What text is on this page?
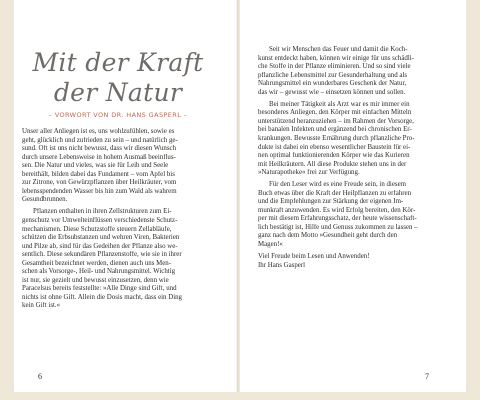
Mit der Kraft
der Natur
– VORWORT VON DR. HANS GASPERL –

Unser aller Anliegen ist es, uns wohlzufühlen, sowie es

geht, glücklich und zufrieden zu sein – und natürlich ge-

sund. Oft ist uns nicht bewusst, dass wir diesen Wunsch

durch unsere Lebensweise in hohem Ausmaß beeinflus-

sen. Die Natur und vieles, was sie für Leib und Seele

bereithält, bilden dabei das Fundament – vom Apfel bis

zur Zitrone, von Gewürzpflanzen über Heilkräuter, vom

lebensspendenden Wasser bis hin zum Wald als wahrem

Gesundbrunnen.

Pflanzen enthalten in ihren Zellstrukturen zum Ei-

genschutz vor Umwelteinflüssen verschiedenste Schutz-

mechanismen. Diese Schutzstoffe steuern Zellabläufe,

schützen die Erbsubstanzen und wehren Viren, Bakterien

und Pilze ab, sind für das Gedeihen der Pflanze also we-

sentlich. Diese sekundären Pflanzenstoffe, wie sie in ihrer

Gesamtheit bezeichnet werden, dienen auch uns Men-

schen als Vorsorge-, Heil- und Nahrungsmittel. Wichtig

ist nur, sie gezielt und bewusst einzusetzen, denn wie

Paracelsus bereits feststellte: »Alle Dinge sind Gift, und

nichts ist ohne Gift. Allein die Dosis macht, dass ein Ding

kein Gift ist.«

Seit wir Menschen das Feuer und damit die Koch-

kunst entdeckt haben, können wir einige für uns schädli-

che Stoffe in der Pflanze eliminieren. Und so sind viele

pflanzliche Lebensmittel zur Gesunderhaltung und als

Nahrungsmittel ein wunderbares Geschenk der Natur,

das wir – gewusst wie – einsetzen können und sollen.

Bei meiner Tätigkeit als Arzt war es mir immer ein

besonderes Anliegen, den Körper mit einfachen Mitteln

unterstützend heranzuziehen – im Rahmen der Vorsorge,

bei banalen Infekten und ergänzend bei chronischen Er-

krankungen. Bewusste Ernährung durch pflanzliche Pro-

dukte ist dabei ein ebenso wesentlicher Baustein für ei-

nen optimal funktionierenden Körper wie das Kurieren

mit Heilkräutern. All diese Produkte stehen uns in der

»Naturapotheke« frei zur Verfügung.

Für den Leser wird es eine Freude sein, in diesem

Buch etwas über die Kraft der Heilpflanzen zu erfahren

und die Empfehlungen zur Stärkung der eigenen Im-

munkraft anzuwenden. Es wird Erfolg bereiten, den Kör-

per mit diesem Erfahrungsschatz, der heute wissenschaft-

lich bestätigt ist, Hilfe und Genuss zukommen zu lassen –

ganz nach dem Motto »Gesundheit geht durch den

Magen!«

Viel Freude beim Lesen und Anwenden!

Ihr Hans Gasperl

6	7
